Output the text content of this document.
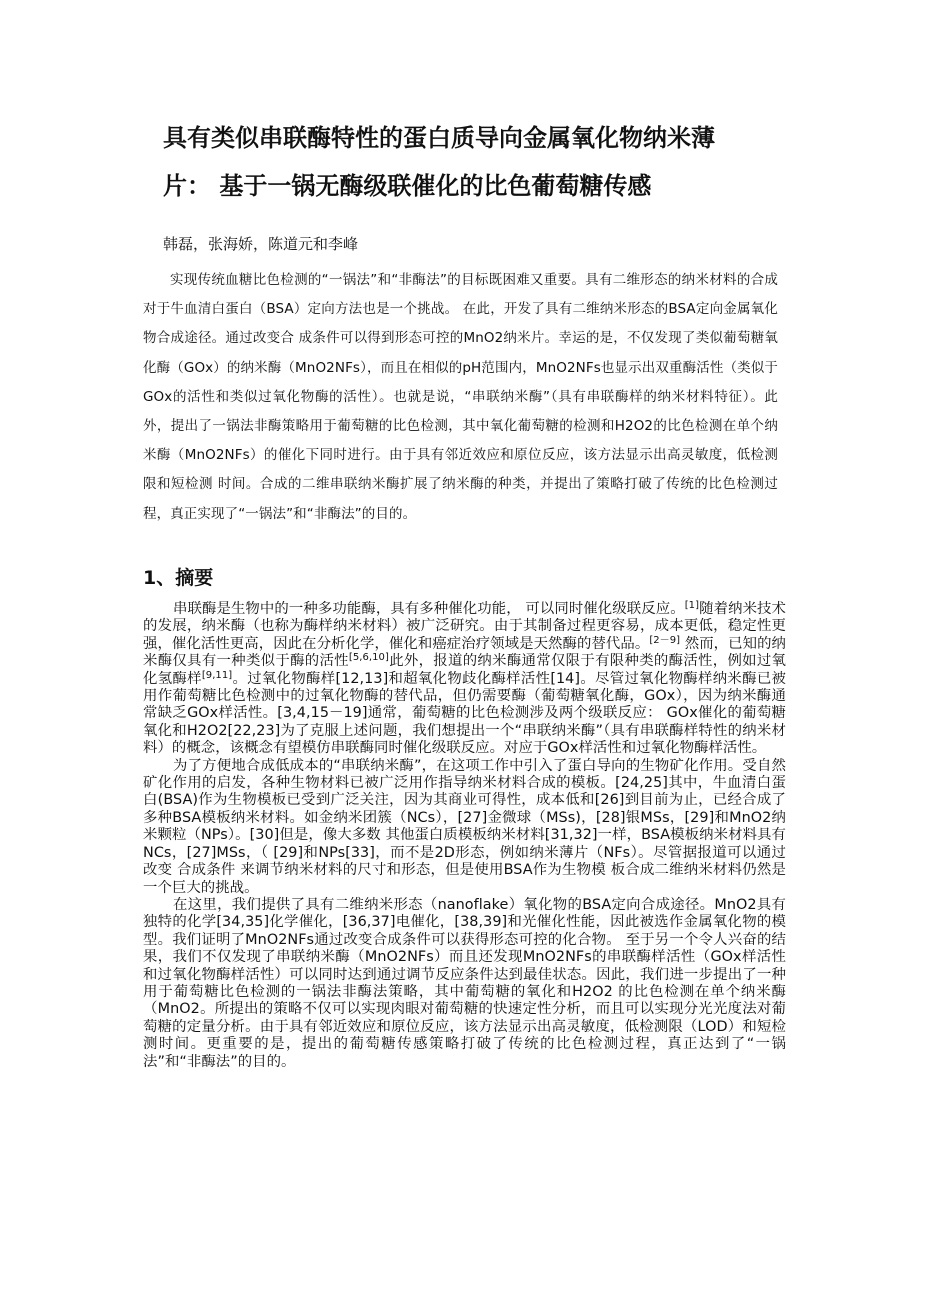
具有类似串联酶特性的蛋白质导向金属氧化物纳米薄
片： 基于一锅无酶级联催化的比色葡萄糖传感

韩磊，张海娇，陈道元和李峰

实现传统血糖比色检测的“一锅法”和“非酶法”的目标既困难又重要。具有二维形态的纳米材料的合成对于牛血清白蛋白（BSA）定向方法也是一个挑战。 在此，开发了具有二维纳米形态的BSA定向金属氧化物合成途径。通过改变合 成条件可以得到形态可控的MnO2纳米片。幸运的是，不仅发现了类似葡萄糖氧 化酶（GOx）的纳米酶（MnO2NFs），而且在相似的pH范围内，MnO2NFs也显示出双重酶活性（类似于GOx的活性和类似过氧化物酶的活性）。也就是说，“串联纳米酶”（具有串联酶样的纳米材料特征）。此外，提出了一锅法非酶策略用于葡萄糖的比色检测，其中氧化葡萄糖的检测和H2O2的比色检测在单个纳米酶（MnO2NFs）的催化下同时进行。由于具有邻近效应和原位反应，该方法显示出高灵敏度，低检测限和短检测 时间。合成的二维串联纳米酶扩展了纳米酶的种类，并提出了策略打破了传统的比色检测过程，真正实现了“一锅法”和“非酶法”的目的。

1、摘要

串联酶是生物中的一种多功能酶，具有多种催化功能， 可以同时催化级联反应。[1]随着纳米技术的发展，纳米酶（也称为酶样纳米材料）被广泛研究。由于其制备过程更容易，成本更低，稳定性更强，催化活性更高，因此在分析化学，催化和癌症治疗领域是天然酶的替代品。[2－9] 然而，已知的纳米酶仅具有一种类似于酶的活性[5,6,10]此外，报道的纳米酶通常仅限于有限种类的酶活性，例如过氧化氢酶样[9,11]。过氧化物酶样[12,13]和超氧化物歧化酶样活性[14]。尽管过氧化物酶样纳米酶已被用作葡萄糖比色检测中的过氧化物酶的替代品，但仍需要酶（葡萄糖氧化酶，GOx），因为纳米酶通常缺乏GOx样活性。[3,4,15－19]通常，葡萄糖的比色检测涉及两个级联反应： GOx催化的葡萄糖氧化和H2O2[22,23]为了克服上述问题，我们想提出一个“串联纳米酶”（具有串联酶样特性的纳米材料）的概念，该概念有望模仿串联酶同时催化级联反应。对应于GOx样活性和过氧化物酶样活性。

为了方便地合成低成本的“串联纳米酶”，在这项工作中引入了蛋白导向的生物矿化作用。受自然矿化作用的启发，各种生物材料已被广泛用作指导纳米材料合成的模板。[24,25]其中，牛血清白蛋白(BSA)作为生物模板已受到广泛关注，因为其商业可得性，成本低和[26]到目前为止，已经合成了多种BSA模板纳米材料。如金纳米团簇（NCs），[27]金微球（MSs)，[28]银MSs，[29]和MnO2纳米颗粒（NPs）。[30]但是，像大多数 其他蛋白质模板纳米材料[31,32]一样，BSA模板纳米材料具有NCs，[27]MSs，（ [29]和NPs[33]，而不是2D形态，例如纳米薄片（NFs）。尽管据报道可以通过改变 合成条件 来调节纳米材料的尺寸和形态，但是使用BSA作为生物模 板合成二维纳米材料仍然是一个巨大的挑战。

在这里，我们提供了具有二维纳米形态（nanoflake）氧化物的BSA定向合成途径。MnO2具有独特的化学[34,35]化学催化，[36,37]电催化，[38,39]和光催化性能，因此被选作金属氧化物的模型。我们证明了MnO2NFs通过改变合成条件可以获得形态可控的化合物。 至于另一个令人兴奋的结果，我们不仅发现了串联纳米酶（MnO2NFs）而且还发现MnO2NFs的串联酶样活性（GOx样活性和过氧化物酶样活性）可以同时达到通过调节反应条件达到最佳状态。因此，我们进一步提出了一种用于葡萄糖比色检测的一锅法非酶法策略，其中葡萄糖的氧化和H2O2 的比色检测在单个纳米酶（MnO2。所提出的策略不仅可以实现肉眼对葡萄糖的快速定性分析，而且可以实现分光光度法对葡萄糖的定量分析。由于具有邻近效应和原位反应，该方法显示出高灵敏度，低检测限（LOD）和短检测时间。更重要的是，提出的葡萄糖传感策略打破了传统的比色检测过程，真正达到了“一锅法”和“非酶法”的目的。
